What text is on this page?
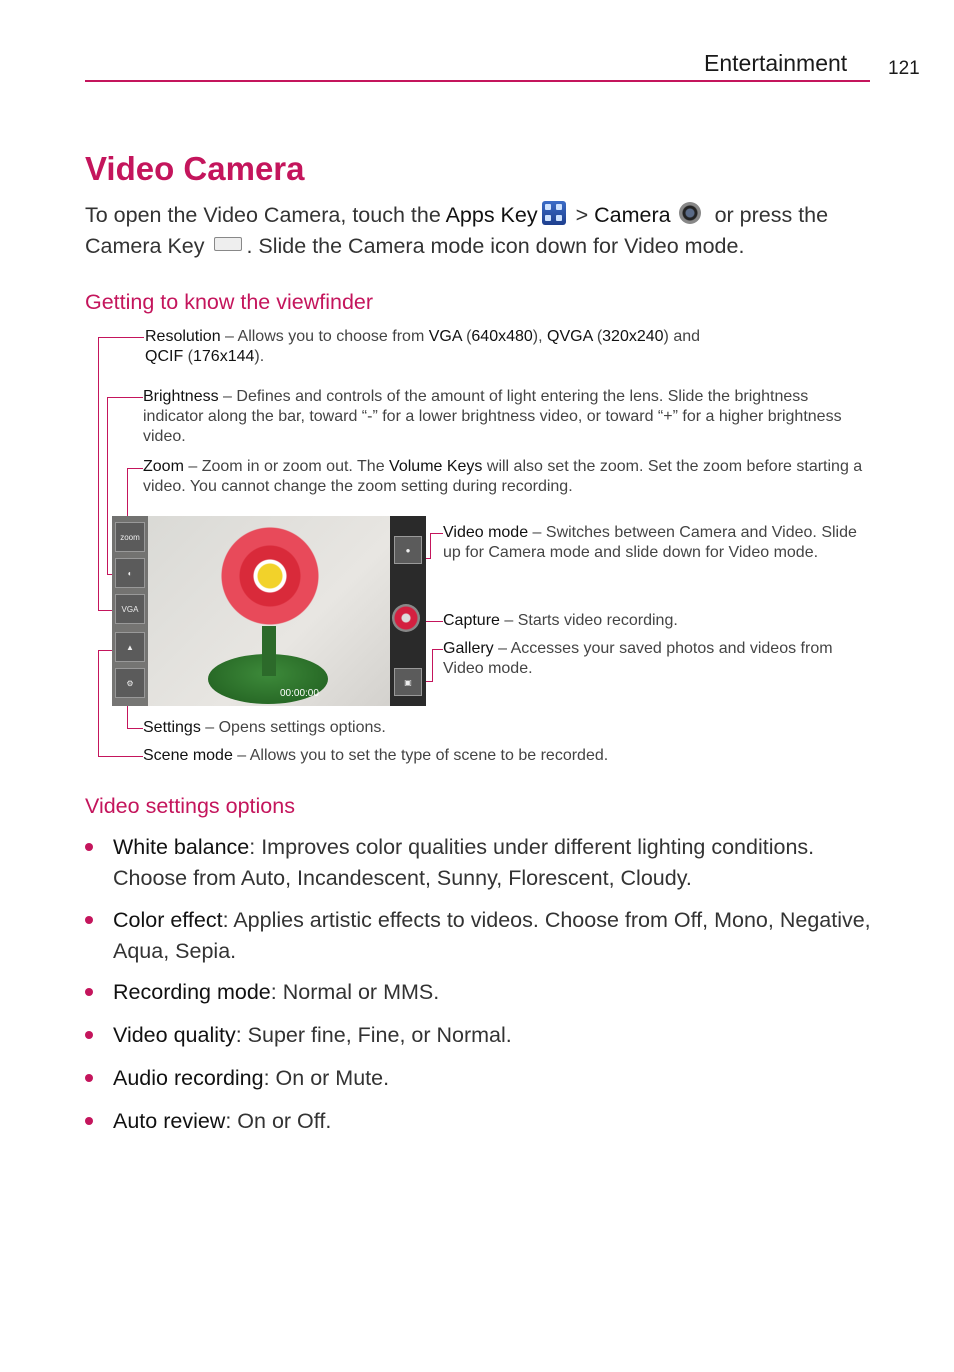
Entertainment 121
Video Camera
To open the Video Camera, touch the Apps Key
> Camera or press the Camera Key . Slide the Camera mode icon down for Video mode.
Getting to know the viewfinder
Resolution – Allows you to choose from VGA (640x480), QVGA (320x240) and
QCIF (176x144).
Brightness – Defines and controls of the amount of light entering the lens. Slide the brightness indicator along the bar, toward “-” for a lower brightness video, or toward “+” for a higher brightness video.
Zoom – Zoom in or zoom out. The Volume Keys will also set the zoom. Set the zoom before starting a video. You cannot change the zoom setting during recording.
Video mode – Switches between Camera and Video. Slide up for Camera mode and slide down for Video mode.
Capture – Starts video recording.
Gallery – Accesses your saved photos and videos from Video mode.
Settings – Opens settings options.
Scene mode – Allows you to set the type of scene to be recorded.
zoom
◐
VGA
▲
⚙
●
▣
00:00:00
Video settings options
White balance: Improves color qualities under different lighting conditions. Choose from Auto, Incandescent, Sunny, Florescent, Cloudy.
Color effect: Applies artistic effects to videos. Choose from Off, Mono, Negative, Aqua, Sepia.
Recording mode: Normal or MMS.
Video quality: Super fine, Fine, or Normal.
Audio recording: On or Mute.
Auto review: On or Off.
